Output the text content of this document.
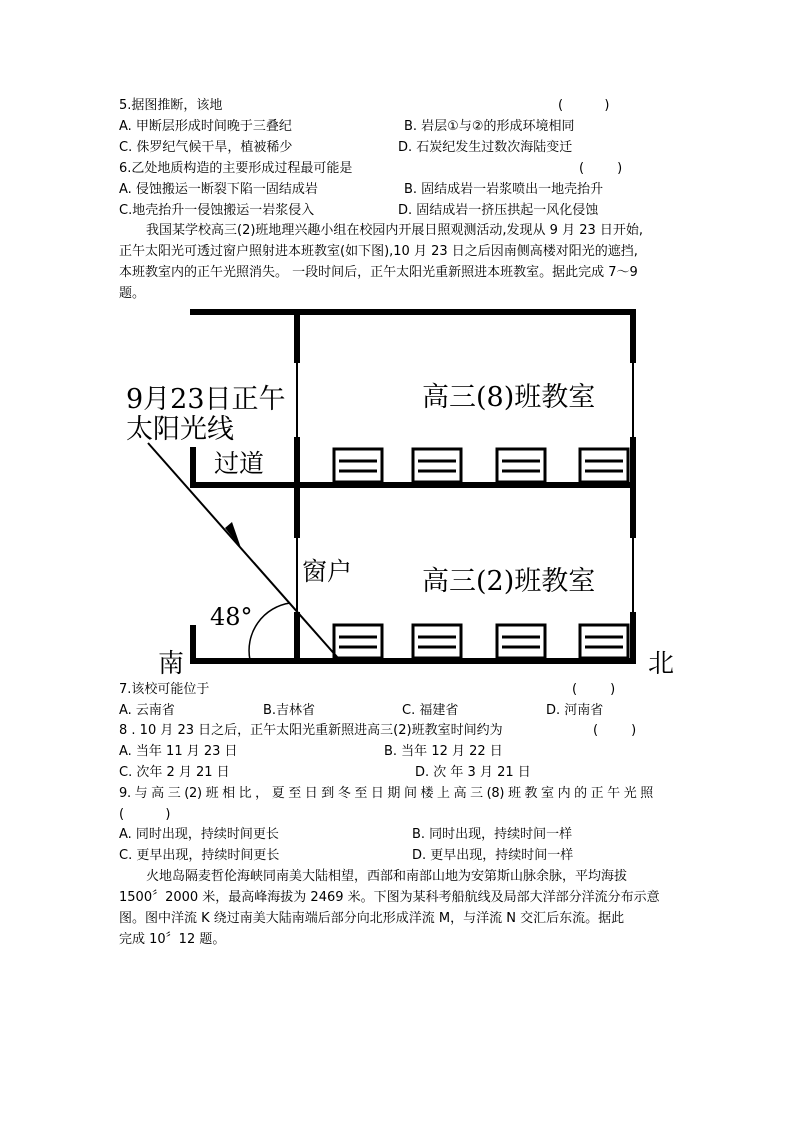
5.据图推断，该地	(          )
A. 甲断层形成时间晚于三叠纪	B. 岩层①与②的形成环境相同
C. 侏罗纪气候干旱，植被稀少	D. 石炭纪发生过数次海陆变迁
6.乙处地质构造的主要形成过程最可能是	(        )
A. 侵蚀搬运一断裂下陷一固结成岩	B. 固结成岩一岩浆喷出一地壳抬升
C.地壳抬升一侵蚀搬运一岩浆侵入	D. 固结成岩一挤压拱起一风化侵蚀
我国某学校高三(2)班地理兴趣小组在校园内开展日照观测活动,发现从 9 月 23 日开始,
正午太阳光可透过窗户照射进本班教室(如下图),10 月 23 日之后因南侧高楼对阳光的遮挡,
本班教室内的正午光照消失。 一段时间后，正午太阳光重新照进本班教室。据此完成 7～9
题。
9月23日正午
太阳光线
过道
窗户
高三(8)班教室
高三(2)班教室
48°
南	北
7.该校可能位于	(        )
A. 云南省	B.吉林省	C. 福建省	D. 河南省
8 . 10 月 23 日之后，正午太阳光重新照进高三(2)班教室时间约为	(        )
A. 当年 11 月 23 日	B. 当年 12 月 22 日
C. 次年 2 月 21 日	D. 次 年 3 月 21 日
9. 与 高 三 (2) 班 相 比 ， 夏 至 日 到 冬 至 日 期 间 楼 上 高 三 (8) 班 教 室 内 的 正 午 光 照
(          )
A. 同时出现，持续时间更长	B. 同时出现，持续时间一样
C. 更早出现，持续时间更长	D. 更早出现，持续时间一样
火地岛隔麦哲伦海峡同南美大陆相望，西部和南部山地为安第斯山脉余脉，平均海拔
1500〞2000 米，最高峰海拔为 2469 米。下图为某科考船航线及局部大洋部分洋流分布示意
图。图中洋流 K 绕过南美大陆南端后部分向北形成洋流 M，与洋流 N 交汇后东流。据此
完成 10〞12 题。
